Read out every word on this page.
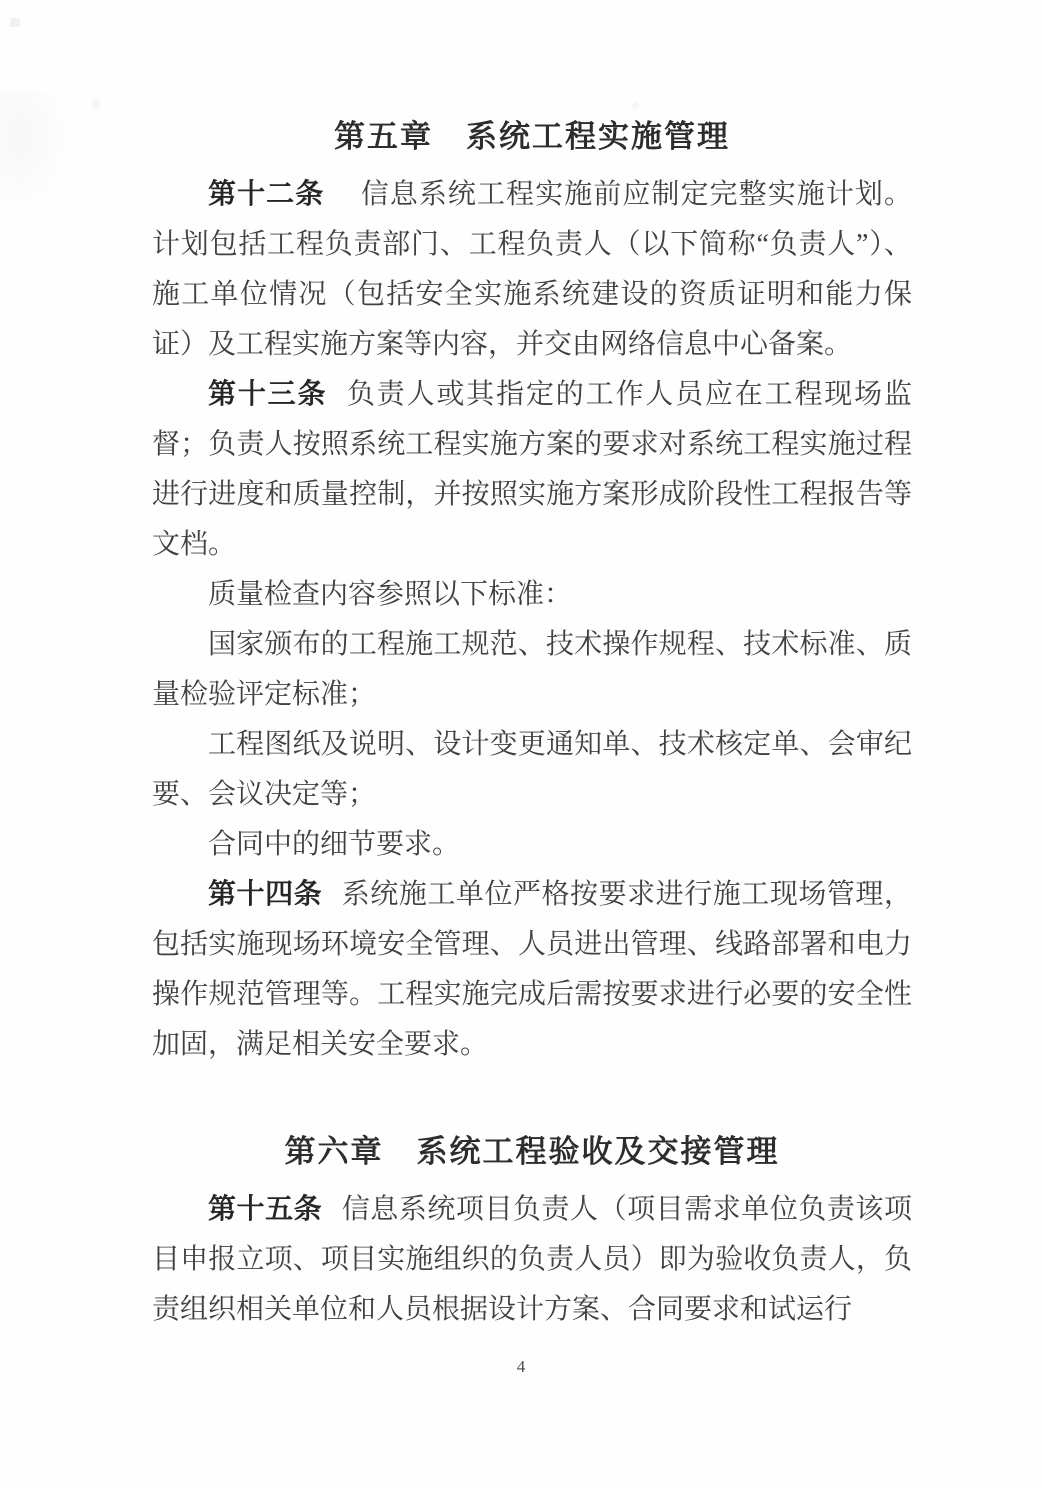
第五章　系统工程实施管理

第十二条 信息系统工程实施前应制定完整实施计划。计划包括工程负责部门、工程负责人（以下简称“负责人”）、施工单位情况（包括安全实施系统建设的资质证明和能力保证）及工程实施方案等内容，并交由网络信息中心备案。

第十三条 负责人或其指定的工作人员应在工程现场监督；负责人按照系统工程实施方案的要求对系统工程实施过程进行进度和质量控制，并按照实施方案形成阶段性工程报告等文档。

质量检查内容参照以下标准：

国家颁布的工程施工规范、技术操作规程、技术标准、质量检验评定标准；

工程图纸及说明、设计变更通知单、技术核定单、会审纪要、会议决定等；

合同中的细节要求。

第十四条 系统施工单位严格按要求进行施工现场管理，包括实施现场环境安全管理、人员进出管理、线路部署和电力操作规范管理等。工程实施完成后需按要求进行必要的安全性加固，满足相关安全要求。

第六章　系统工程验收及交接管理

第十五条 信息系统项目负责人（项目需求单位负责该项目申报立项、项目实施组织的负责人员）即为验收负责人，负责组织相关单位和人员根据设计方案、合同要求和试运行

4
